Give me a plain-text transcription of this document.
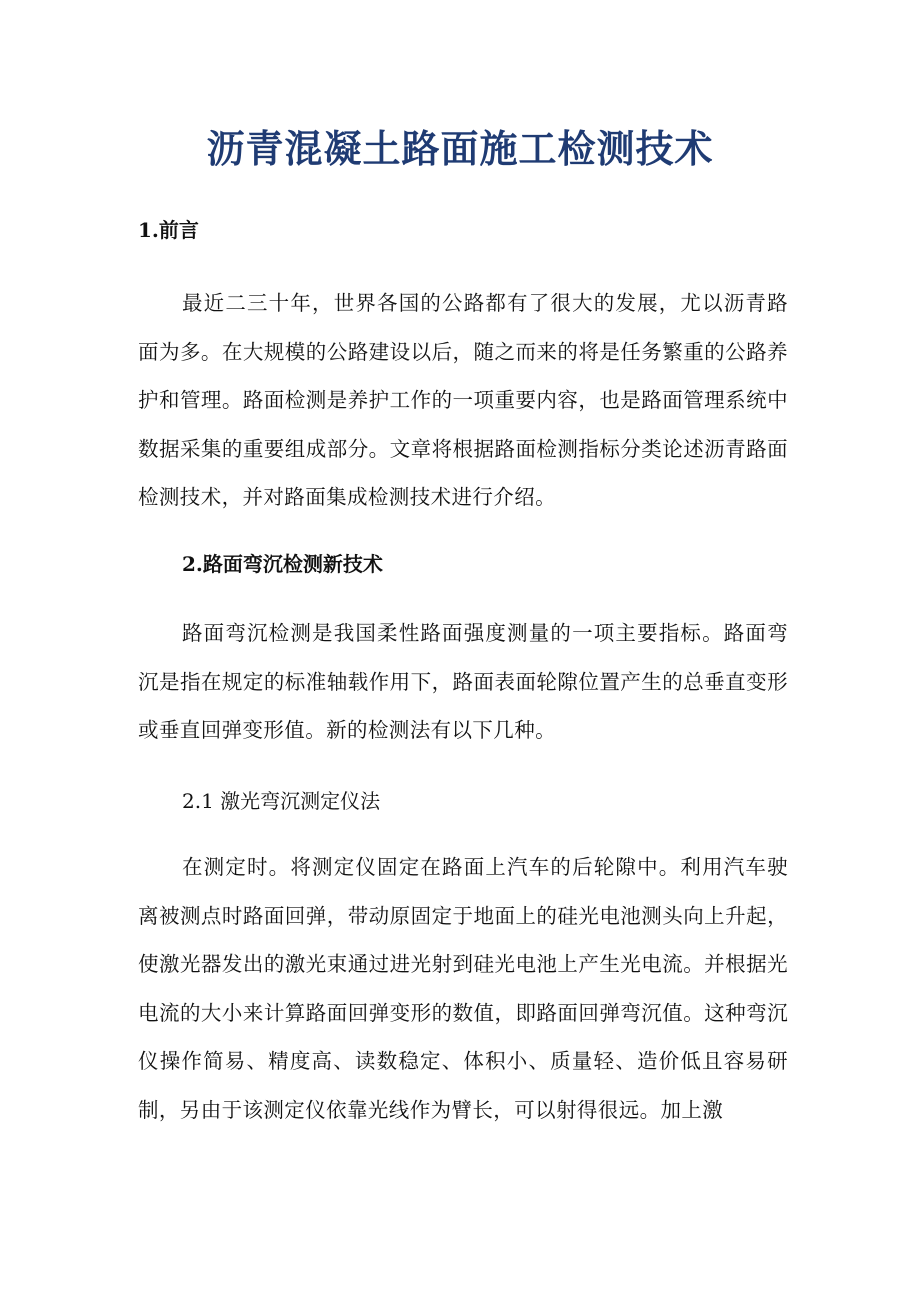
沥青混凝土路面施工检测技术
1.前言
最近二三十年，世界各国的公路都有了很大的发展，尤以沥青路面为多。在大规模的公路建设以后，随之而来的将是任务繁重的公路养护和管理。路面检测是养护工作的一项重要内容，也是路面管理系统中数据采集的重要组成部分。文章将根据路面检测指标分类论述沥青路面检测技术，并对路面集成检测技术进行介绍。
2.路面弯沉检测新技术
路面弯沉检测是我国柔性路面强度测量的一项主要指标。路面弯沉是指在规定的标准轴载作用下，路面表面轮隙位置产生的总垂直变形或垂直回弹变形值。新的检测法有以下几种。
2.1 激光弯沉测定仪法
在测定时。将测定仪固定在路面上汽车的后轮隙中。利用汽车驶离被测点时路面回弹，带动原固定于地面上的硅光电池测头向上升起，使激光器发出的激光束通过进光射到硅光电池上产生光电流。并根据光电流的大小来计算路面回弹变形的数值，即路面回弹弯沉值。这种弯沉仪操作简易、精度高、读数稳定、体积小、质量轻、造价低且容易研制，另由于该测定仪依靠光线作为臂长，可以射得很远。加上激
